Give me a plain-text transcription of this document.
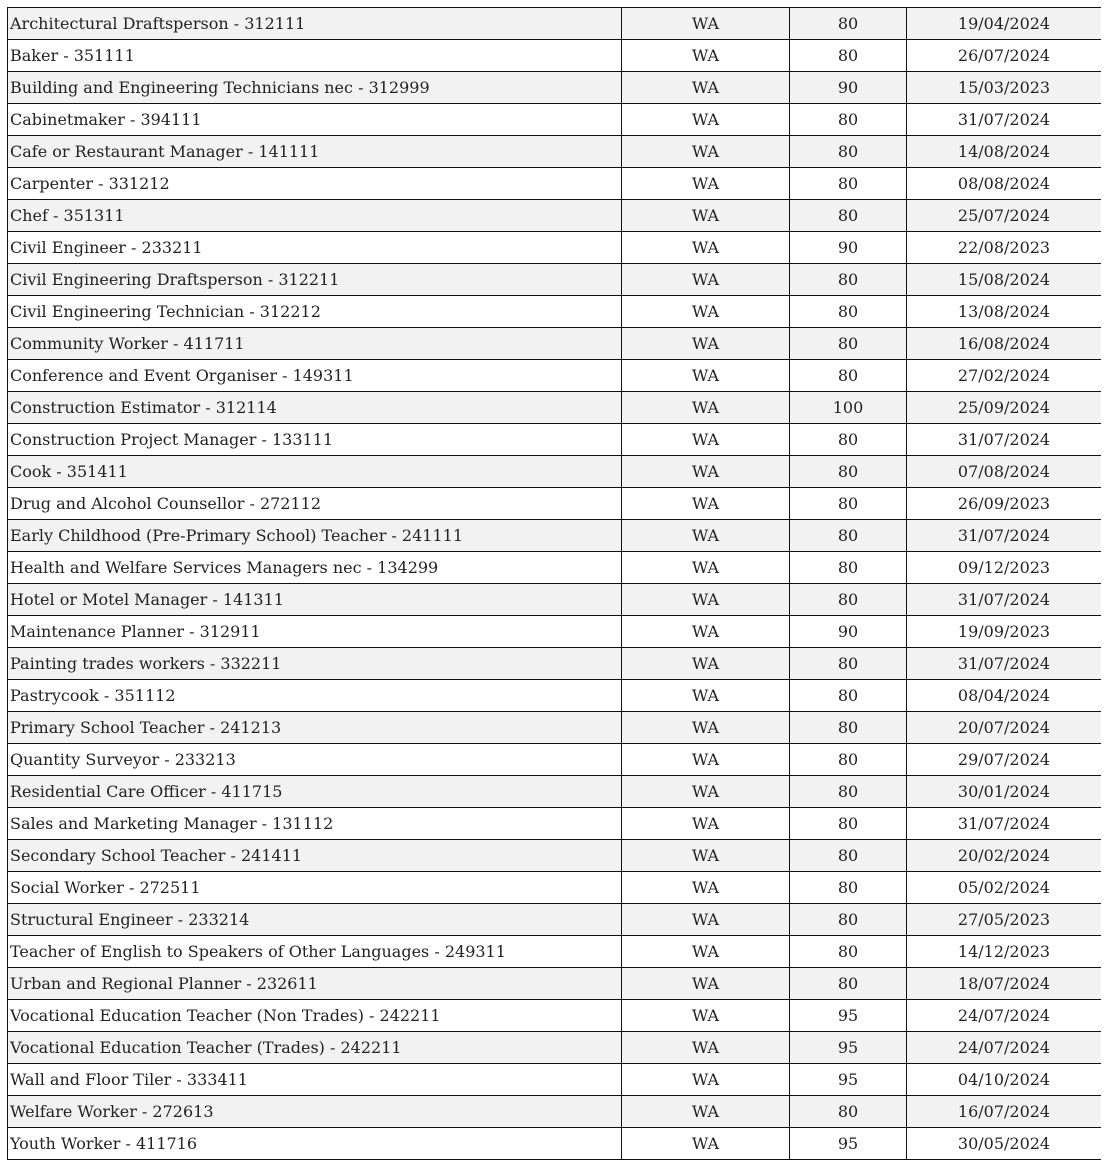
Architectural Draftsperson - 312111	WA	80	19/04/2024
Baker - 351111	WA	80	26/07/2024
Building and Engineering Technicians nec - 312999	WA	90	15/03/2023
Cabinetmaker - 394111	WA	80	31/07/2024
Cafe or Restaurant Manager - 141111	WA	80	14/08/2024
Carpenter - 331212	WA	80	08/08/2024
Chef - 351311	WA	80	25/07/2024
Civil Engineer - 233211	WA	90	22/08/2023
Civil Engineering Draftsperson - 312211	WA	80	15/08/2024
Civil Engineering Technician - 312212	WA	80	13/08/2024
Community Worker - 411711	WA	80	16/08/2024
Conference and Event Organiser - 149311	WA	80	27/02/2024
Construction Estimator - 312114	WA	100	25/09/2024
Construction Project Manager - 133111	WA	80	31/07/2024
Cook - 351411	WA	80	07/08/2024
Drug and Alcohol Counsellor - 272112	WA	80	26/09/2023
Early Childhood (Pre-Primary School) Teacher - 241111	WA	80	31/07/2024
Health and Welfare Services Managers nec - 134299	WA	80	09/12/2023
Hotel or Motel Manager - 141311	WA	80	31/07/2024
Maintenance Planner - 312911	WA	90	19/09/2023
Painting trades workers - 332211	WA	80	31/07/2024
Pastrycook - 351112	WA	80	08/04/2024
Primary School Teacher - 241213	WA	80	20/07/2024
Quantity Surveyor - 233213	WA	80	29/07/2024
Residential Care Officer - 411715	WA	80	30/01/2024
Sales and Marketing Manager - 131112	WA	80	31/07/2024
Secondary School Teacher - 241411	WA	80	20/02/2024
Social Worker - 272511	WA	80	05/02/2024
Structural Engineer - 233214	WA	80	27/05/2023
Teacher of English to Speakers of Other Languages - 249311	WA	80	14/12/2023
Urban and Regional Planner - 232611	WA	80	18/07/2024
Vocational Education Teacher (Non Trades) - 242211	WA	95	24/07/2024
Vocational Education Teacher (Trades) - 242211	WA	95	24/07/2024
Wall and Floor Tiler - 333411	WA	95	04/10/2024
Welfare Worker - 272613	WA	80	16/07/2024
Youth Worker - 411716	WA	95	30/05/2024
